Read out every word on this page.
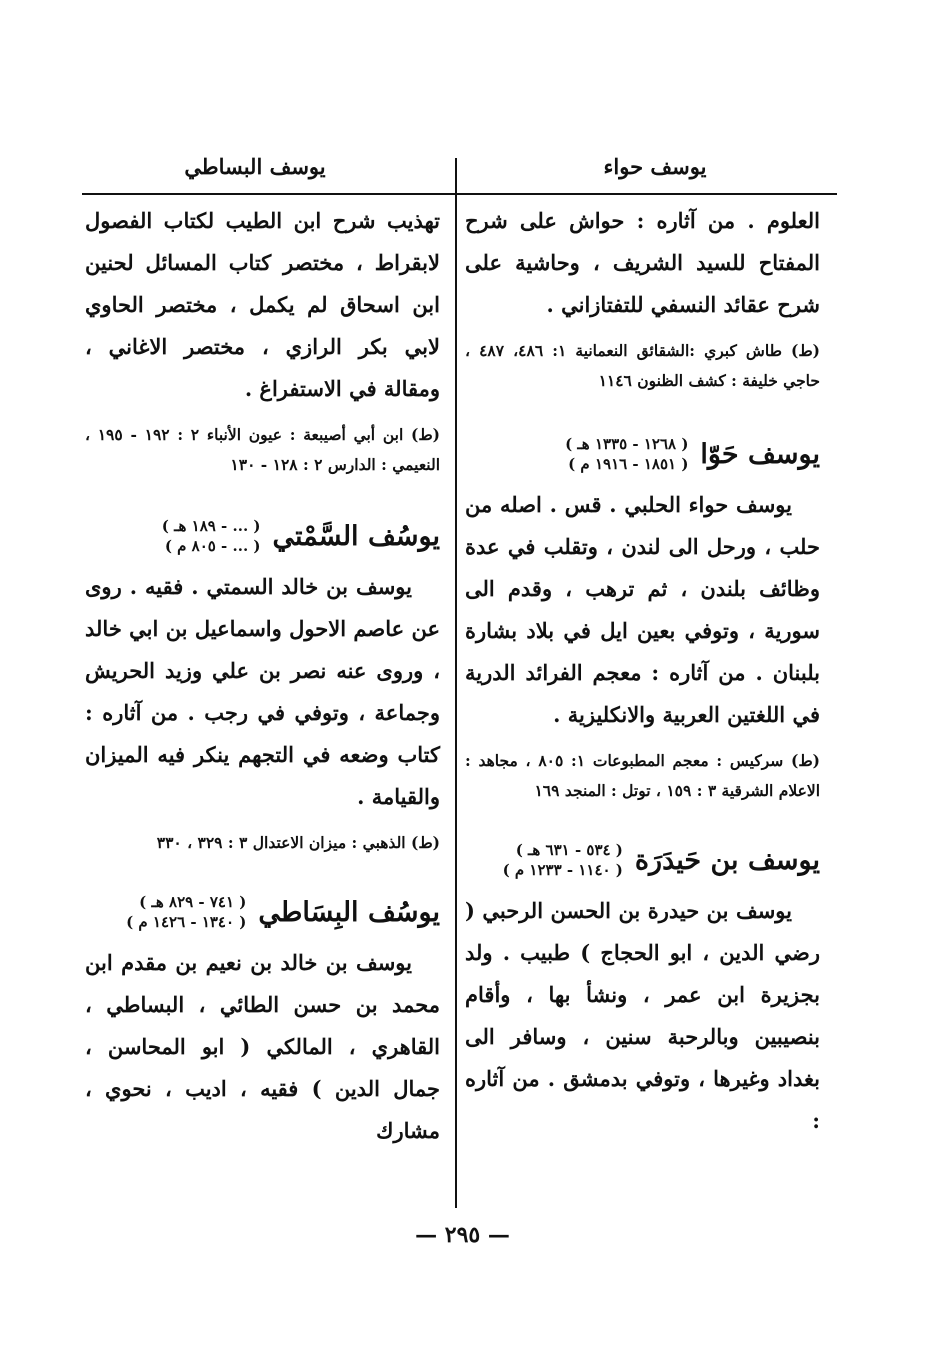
يوسف حواء
يوسف البساطي

العلوم . من آثاره : حواش على شرح المفتاح للسيد الشريف ، وحاشية على شرح عقائد النسفي للتفتازاني .

(ط) طاش كبري :الشقائق النعمانية ١: ٤٨٦، ٤٨٧ ، حاجي خليفة : كشف الظنون ١١٤٦

يوسف حَوّا
( ١٢٦٨ - ١٣٣٥ هـ )
( ١٨٥١ - ١٩١٦ م )

يوسف حواء الحلبي . قس . اصله من حلب ، ورحل الى لندن ، وتقلب في عدة وظائف بلندن ، ثم ترهب ، وقدم الى سورية ، وتوفي بعين ايل في بلاد بشارة بلبنان . من آثاره : معجم الفرائد الدرية في اللغتين العربية والانكليزية .

(ط) سركيس : معجم المطبوعات ١: ٨٠٥ ، مجاهد : الاعلام الشرقية ٣ : ١٥٩ ، توتل : المنجد ١٦٩

يوسف بن حَيدَرَة
( ٥٣٤ - ٦٣١ هـ )
( ١١٤٠ - ١٢٣٣ م )

يوسف بن حيدرة بن الحسن الرحبي ( رضي الدين ، ابو الحجاج ) طبيب . ولد بجزيرة ابن عمر ، ونشأ بها ، وأقام بنصيبين وبالرحبة سنين ، وسافر الى بغداد وغيرها ، وتوفي بدمشق . من آثاره :

تهذيب شرح ابن الطيب لكتاب الفصول لابقراط ، مختصر كتاب المسائل لحنين ابن اسحاق لم يكمل ، مختصر الحاوي لابي بكر الرازي ، مختصر الاغاني ، ومقالة في الاستفراغ .

(ط) ابن أبي أصيبعة : عيون الأنباء ٢ : ١٩٢ - ١٩٥ ، النعيمي : الدارس ٢ : ١٢٨ - ١٣٠

يوسُف السَّمْتي
( ... - ١٨٩ هـ )
( ... - ٨٠٥ م )

يوسف بن خالد السمتي . فقيه . روى عن عاصم الاحول واسماعيل بن ابي خالد ، وروى عنه نصر بن علي وزيد الحريش وجماعة ، وتوفي في رجب . من آثاره : كتاب وضعه في التجهم ينكر فيه الميزان والقيامة .

(ط) الذهبي : ميزان الاعتدال ٣ : ٣٢٩ ، ٣٣٠

يوسُف البِسَاطي
( ٧٤١ - ٨٢٩ هـ )
( ١٣٤٠ - ١٤٢٦ م )

يوسف بن خالد بن نعيم بن مقدم ابن محمد بن حسن الطائي ، البساطي ، القاهري ، المالكي ( ابو المحاسن ، جمال الدين ) فقيه ، اديب ، نحوي ، مشارك

— ٢٩٥ —
